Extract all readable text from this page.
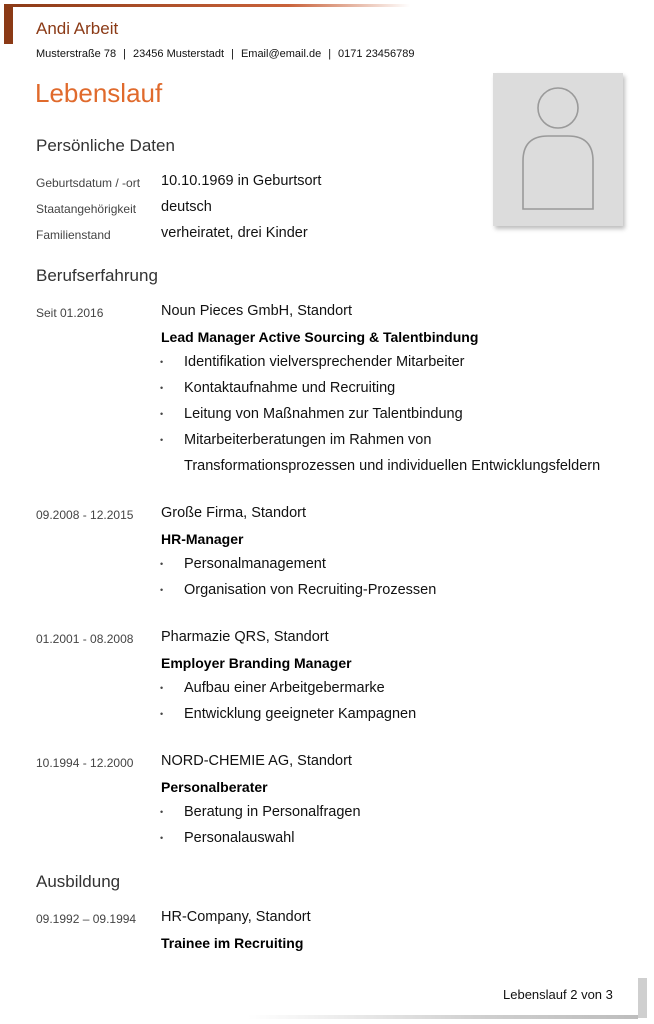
Andi Arbeit
Musterstraße 78 | 23456 Musterstadt | Email@email.de | 0171 23456789
Lebenslauf
Persönliche Daten
Geburtsdatum / -ort 10.10.1969 in Geburtsort
Staatangehörigkeit deutsch
Familienstand	verheiratet, drei Kinder
Berufserfahrung
Seit 01.2016	Noun Pieces GmbH, Standort
Lead Manager Active Sourcing & Talentbindung
• Identifikation vielversprechender Mitarbeiter
• Kontaktaufnahme und Recruiting
• Leitung von Maßnahmen zur Talentbindung
• Mitarbeiterberatungen im Rahmen von
Transformationsprozessen und individuellen Entwicklungsfeldern
09.2008 - 12.2015 Große Firma, Standort
HR-Manager
• Personalmanagement
• Organisation von Recruiting-Prozessen
01.2001 - 08.2008 Pharmazie QRS, Standort
Employer Branding Manager
• Aufbau einer Arbeitgebermarke
• Entwicklung geeigneter Kampagnen
10.1994 - 12.2000 NORD-CHEMIE AG, Standort
Personalberater
• Beratung in Personalfragen
• Personalauswahl
Ausbildung
09.1992 – 09.1994 HR-Company, Standort
Trainee im Recruiting
Lebenslauf 2 von 3
